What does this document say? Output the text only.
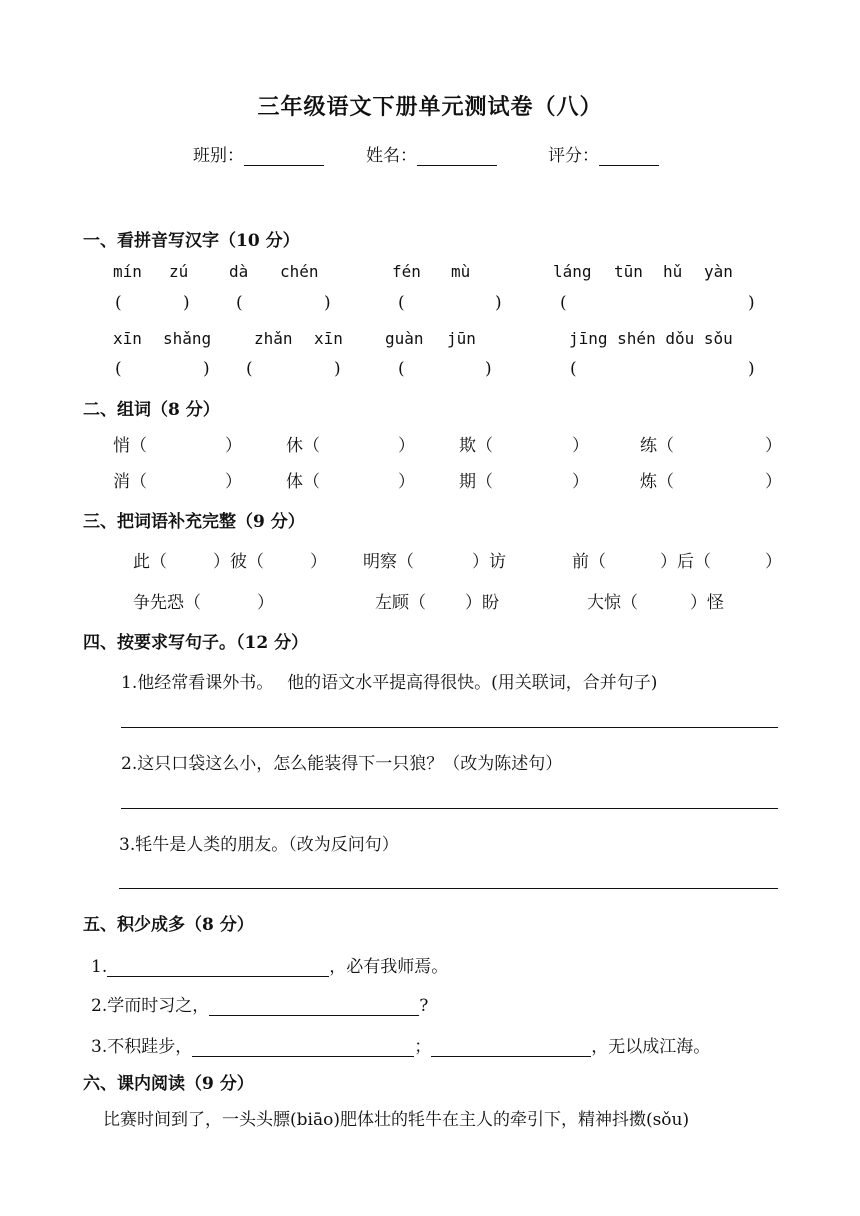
三年级语文下册单元测试卷（八）
班别：	姓名：	评分：
一、看拼音写汉字（10 分）
mín zú	dà chén	fén mù	láng tūn hǔ yàn
(	)	(	)	(	)	(	)
xīn shǎng	zhǎn xīn	guàn jūn	jīng shén dǒu sǒu
(	) (	)	(	)	(	)
二、组词（8 分）
悄（	）	休（	）	欺（	）	练（	）
消（	）	体（	）	期（	）	炼（	）
三、把词语补充完整（9 分）
此（	）彼（	） 明察（	）访	前（	）后（	）
争先恐（	）	左顾（ ）盼	大惊（	）怪
四、按要求写句子。（12 分）
1.他经常看课外书。　 他的语文水平提高得很快。(用关联词，合并句子)
2.这只口袋这么小，怎么能装得下一只狼？（改为陈述句）
3.牦牛是人类的朋友。（改为反问句）
五、积少成多（8 分）
1.	，必有我师焉。
2.学而时习之，	?
3.不积跬步，	；	，无以成江海。
六、课内阅读（9 分）
比赛时间到了，一头头膘(biāo)肥体壮的牦牛在主人的牵引下，精神抖擞(sǒu)
